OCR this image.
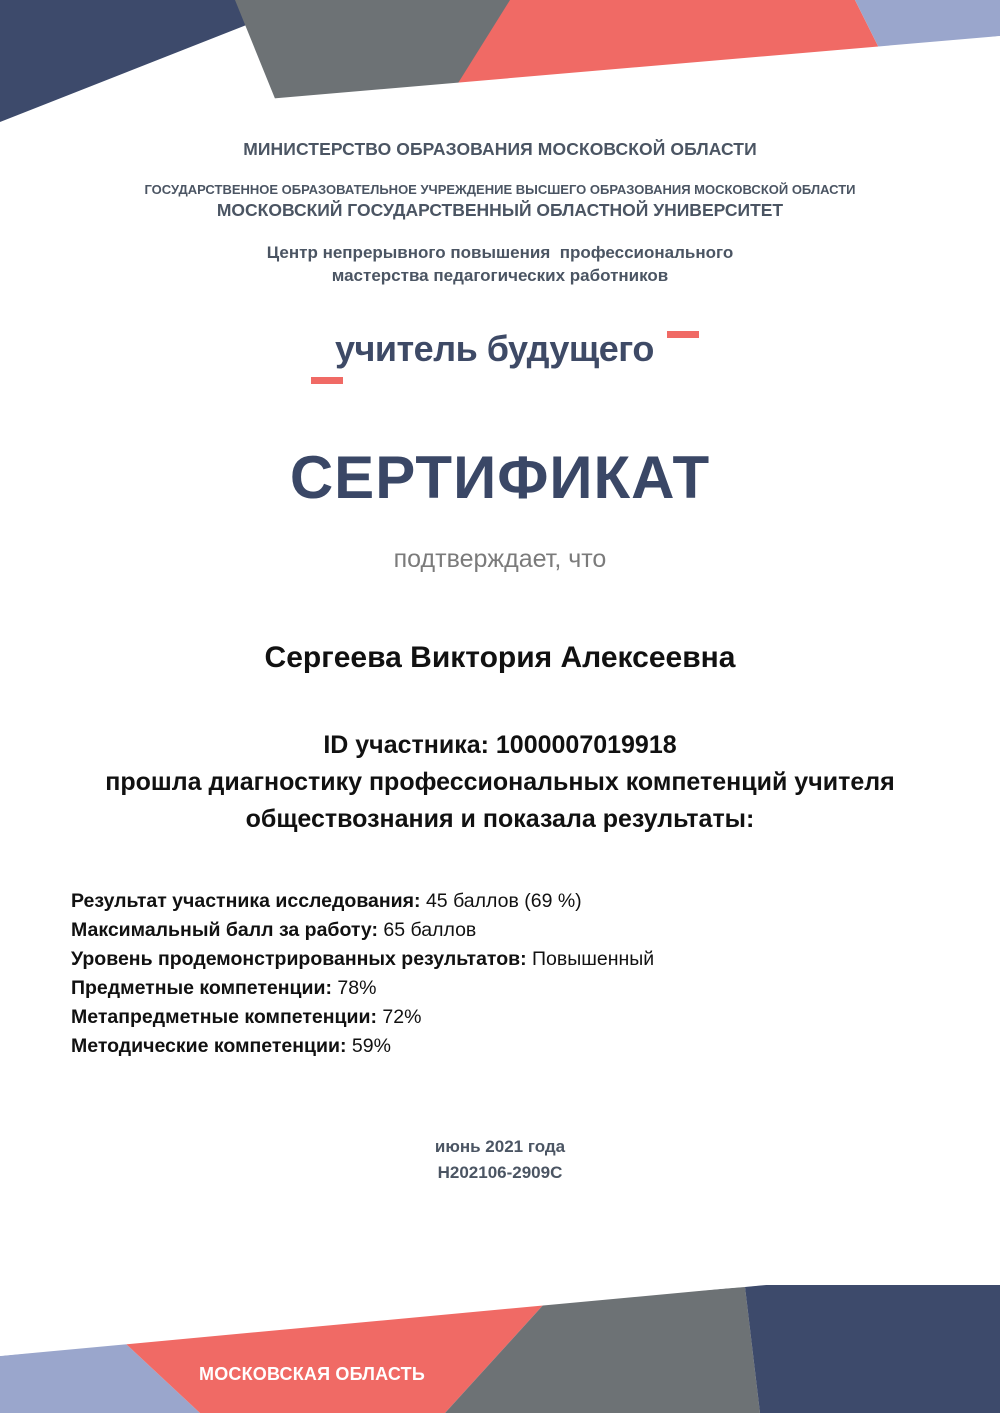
МИНИСТЕРСТВО ОБРАЗОВАНИЯ МОСКОВСКОЙ ОБЛАСТИ
ГОСУДАРСТВЕННОЕ ОБРАЗОВАТЕЛЬНОЕ УЧРЕЖДЕНИЕ ВЫСШЕГО ОБРАЗОВАНИЯ МОСКОВСКОЙ ОБЛАСТИ
МОСКОВСКИЙ ГОСУДАРСТВЕННЫЙ ОБЛАСТНОЙ УНИВЕРСИТЕТ
Центр непрерывного повышения  профессионального
мастерства педагогических работников
учитель будущего
СЕРТИФИКАТ
подтверждает, что
Сергеева Виктория Алексеевна
ID участника: 1000007019918
прошла диагностику профессиональных компетенций учителя
обществознания и показала результаты:
Результат участника исследования: 45 баллов (69 %)
Максимальный балл за работу: 65 баллов
Уровень продемонстрированных результатов: Повышенный
Предметные компетенции: 78%
Метапредметные компетенции: 72%
Методические компетенции: 59%
июнь 2021 года
Н202106-2909С
МОСКОВСКАЯ ОБЛАСТЬ
